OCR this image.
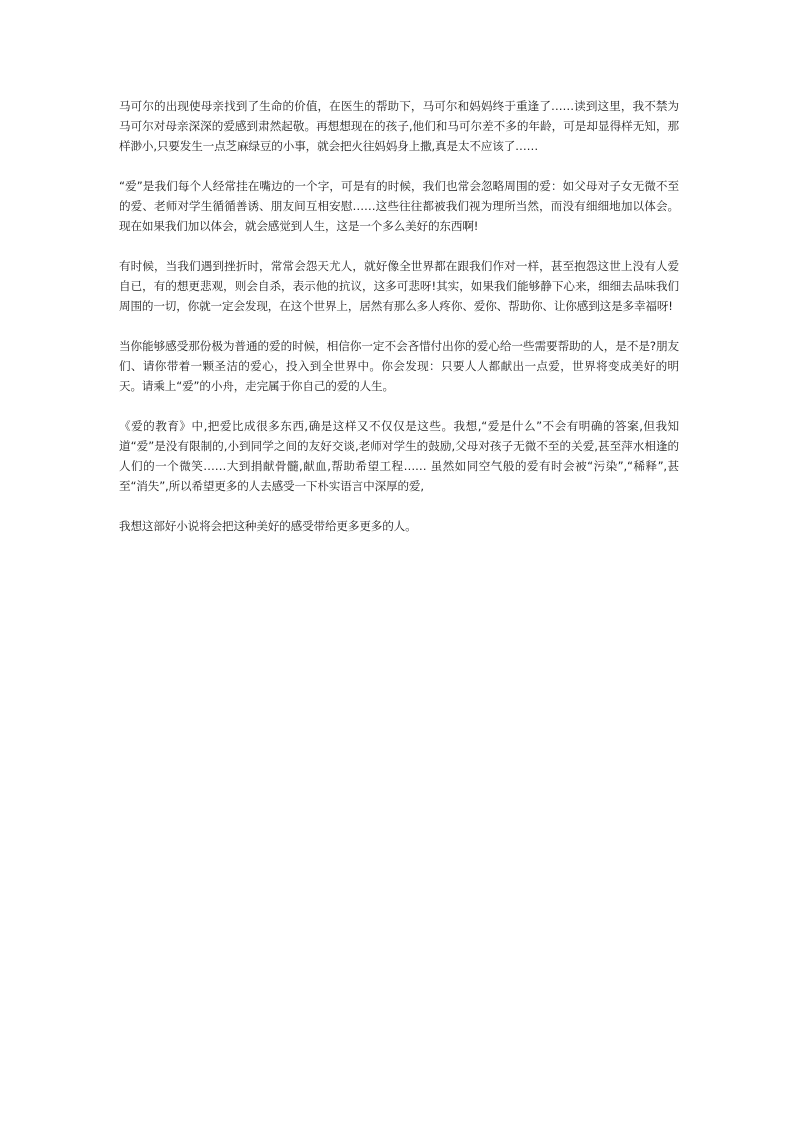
马可尔的出现使母亲找到了生命的价值，在医生的帮助下，马可尔和妈妈终于重逢了……读到这里，我不禁为马可尔对母亲深深的爱感到肃然起敬。再想想现在的孩子,他们和马可尔差不多的年龄，可是却显得样无知，那样渺小,只要发生一点芝麻绿豆的小事，就会把火往妈妈身上撒,真是太不应该了……

“爱”是我们每个人经常挂在嘴边的一个字，可是有的时候，我们也常会忽略周围的爱：如父母对子女无微不至的爱、老师对学生循循善诱、朋友间互相安慰……这些往往都被我们视为理所当然，而没有细细地加以体会。现在如果我们加以体会，就会感觉到人生，这是一个多么美好的东西啊!

有时候，当我们遇到挫折时，常常会怨天尤人，就好像全世界都在跟我们作对一样，甚至抱怨这世上没有人爱自已，有的想更悲观，则会自杀，表示他的抗议，这多可悲呀!其实，如果我们能够静下心来，细细去品味我们周围的一切，你就一定会发现，在这个世界上，居然有那么多人疼你、爱你、帮助你、让你感到这是多幸福呀!

当你能够感受那份极为普通的爱的时候，相信你一定不会吝惜付出你的爱心给一些需要帮助的人，是不是?朋友们、请你带着一颗圣洁的爱心，投入到全世界中。你会发现：只要人人都献出一点爱，世界将变成美好的明天。请乘上“爱”的小舟，走完属于你自己的爱的人生。

《爱的教育》中,把爱比成很多东西,确是这样又不仅仅是这些。我想,“爱是什么”不会有明确的答案,但我知道“爱”是没有限制的,小到同学之间的友好交谈,老师对学生的鼓励,父母对孩子无微不至的关爱,甚至萍水相逢的人们的一个微笑……大到捐献骨髓,献血,帮助希望工程…… 虽然如同空气般的爱有时会被“污染”,“稀释”,甚至“消失”,所以希望更多的人去感受一下朴实语言中深厚的爱,

我想这部好小说将会把这种美好的感受带给更多更多的人。
